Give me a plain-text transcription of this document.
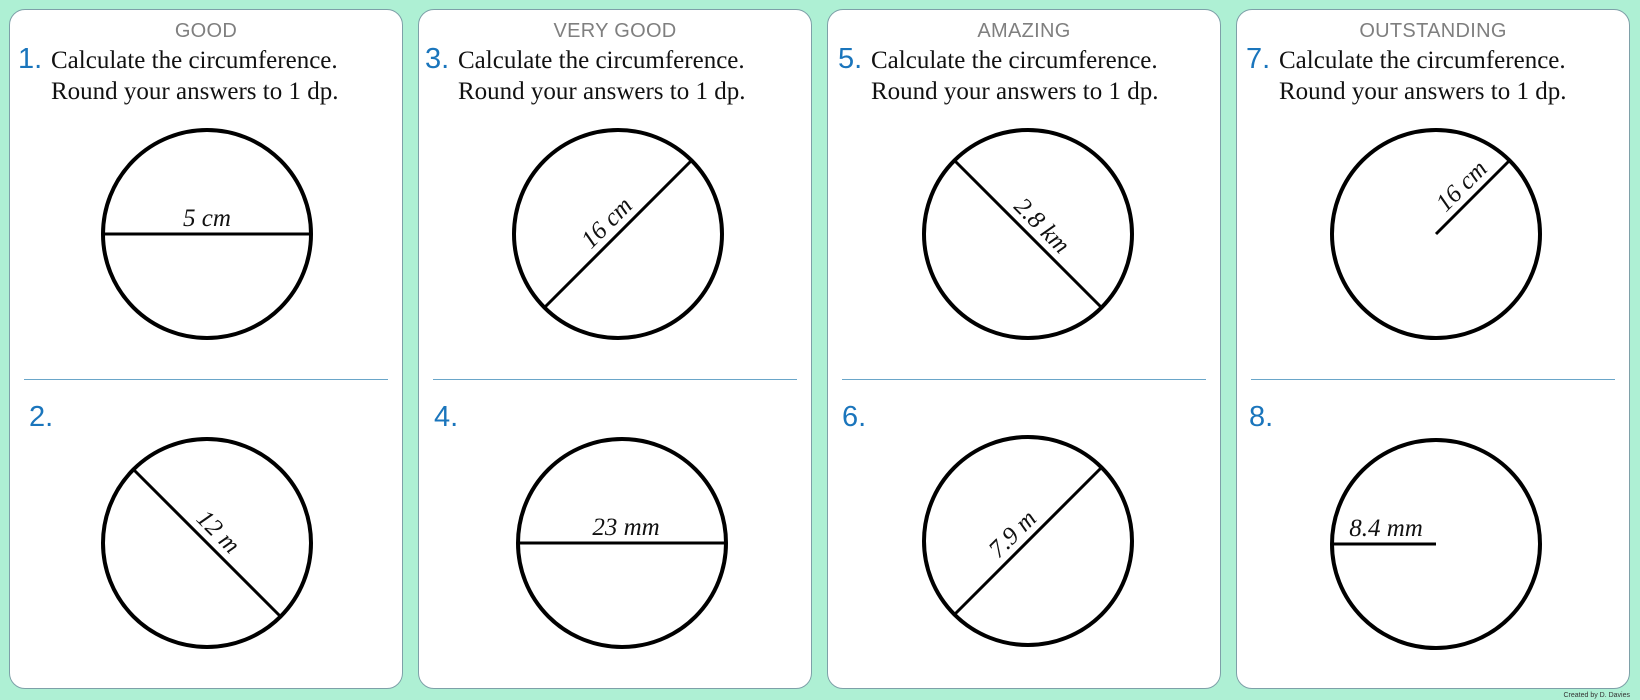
GOOD
1. Calculate the circumference.
Round your answers to 1 dp.
5 cm
2.
12 m
VERY GOOD
3. Calculate the circumference.
Round your answers to 1 dp.
16 cm
4.
23 mm
AMAZING
5. Calculate the circumference.
Round your answers to 1 dp.
2.8 km
6.
7.9 m
OUTSTANDING
7. Calculate the circumference.
Round your answers to 1 dp.
16 cm
8.
8.4 mm
Created by D. Davies
